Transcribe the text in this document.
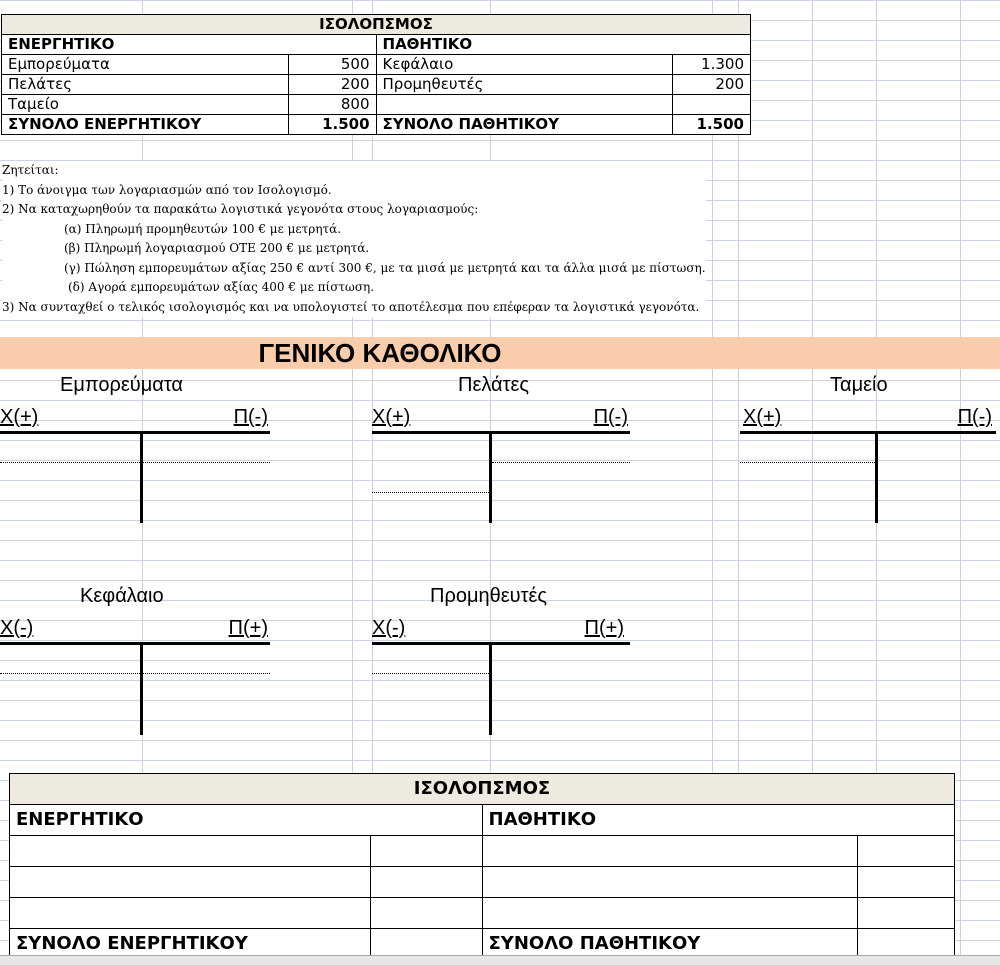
ΙΣΟΛΟΠΣΜΟΣ			
ΕΝΕΡΓΗΤΙΚΟ		ΠΑΘΗΤΙΚΟ	
Εμπορεύματα	500	Κεφάλαιο	1.300
Πελάτες	200	Προμηθευτές	200
Ταμείο	800		
ΣΥΝΟΛΟ ΕΝΕΡΓΗΤΙΚΟΥ	1.500	ΣΥΝΟΛΟ ΠΑΘΗΤΙΚΟΥ	1.500
Ζητείται:
1) Το άνοιγμα των λογαριασμών από τον Ισολογισμό.
2) Να καταχωρηθούν τα παρακάτω λογιστικά γεγονότα στους λογαριασμούς:
(α) Πληρωμή προμηθευτών 100 € με μετρητά.
(β) Πληρωμή λογαριασμού ΟΤΕ 200 € με μετρητά.
(γ) Πώληση εμπορευμάτων αξίας 250 € αντί 300 €, με τα μισά με μετρητά και τα άλλα μισά με πίστωση.
(δ) Αγορά εμπορευμάτων αξίας 400 € με πίστωση.
3) Να συνταχθεί ο τελικός ισολογισμός και να υπολογιστεί το αποτέλεσμα που επέφεραν τα λογιστικά γεγονότα.
ΓΕΝΙΚΟ ΚΑΘΟΛΙΚΟ
Εμπορεύματα
Χ(+)	Π(-)
Πελάτες
Χ(+)	Π(-)
Ταμείο
Χ(+)	Π(-)
Κεφάλαιο
Χ(-)	Π(+)
Προμηθευτές
Χ(-)	Π(+)
ΙΣΟΛΟΠΣΜΟΣ			
ΕΝΕΡΓΗΤΙΚΟ		ΠΑΘΗΤΙΚΟ	

ΣΥΝΟΛΟ ΕΝΕΡΓΗΤΙΚΟΥ		ΣΥΝΟΛΟ ΠΑΘΗΤΙΚΟΥ	
